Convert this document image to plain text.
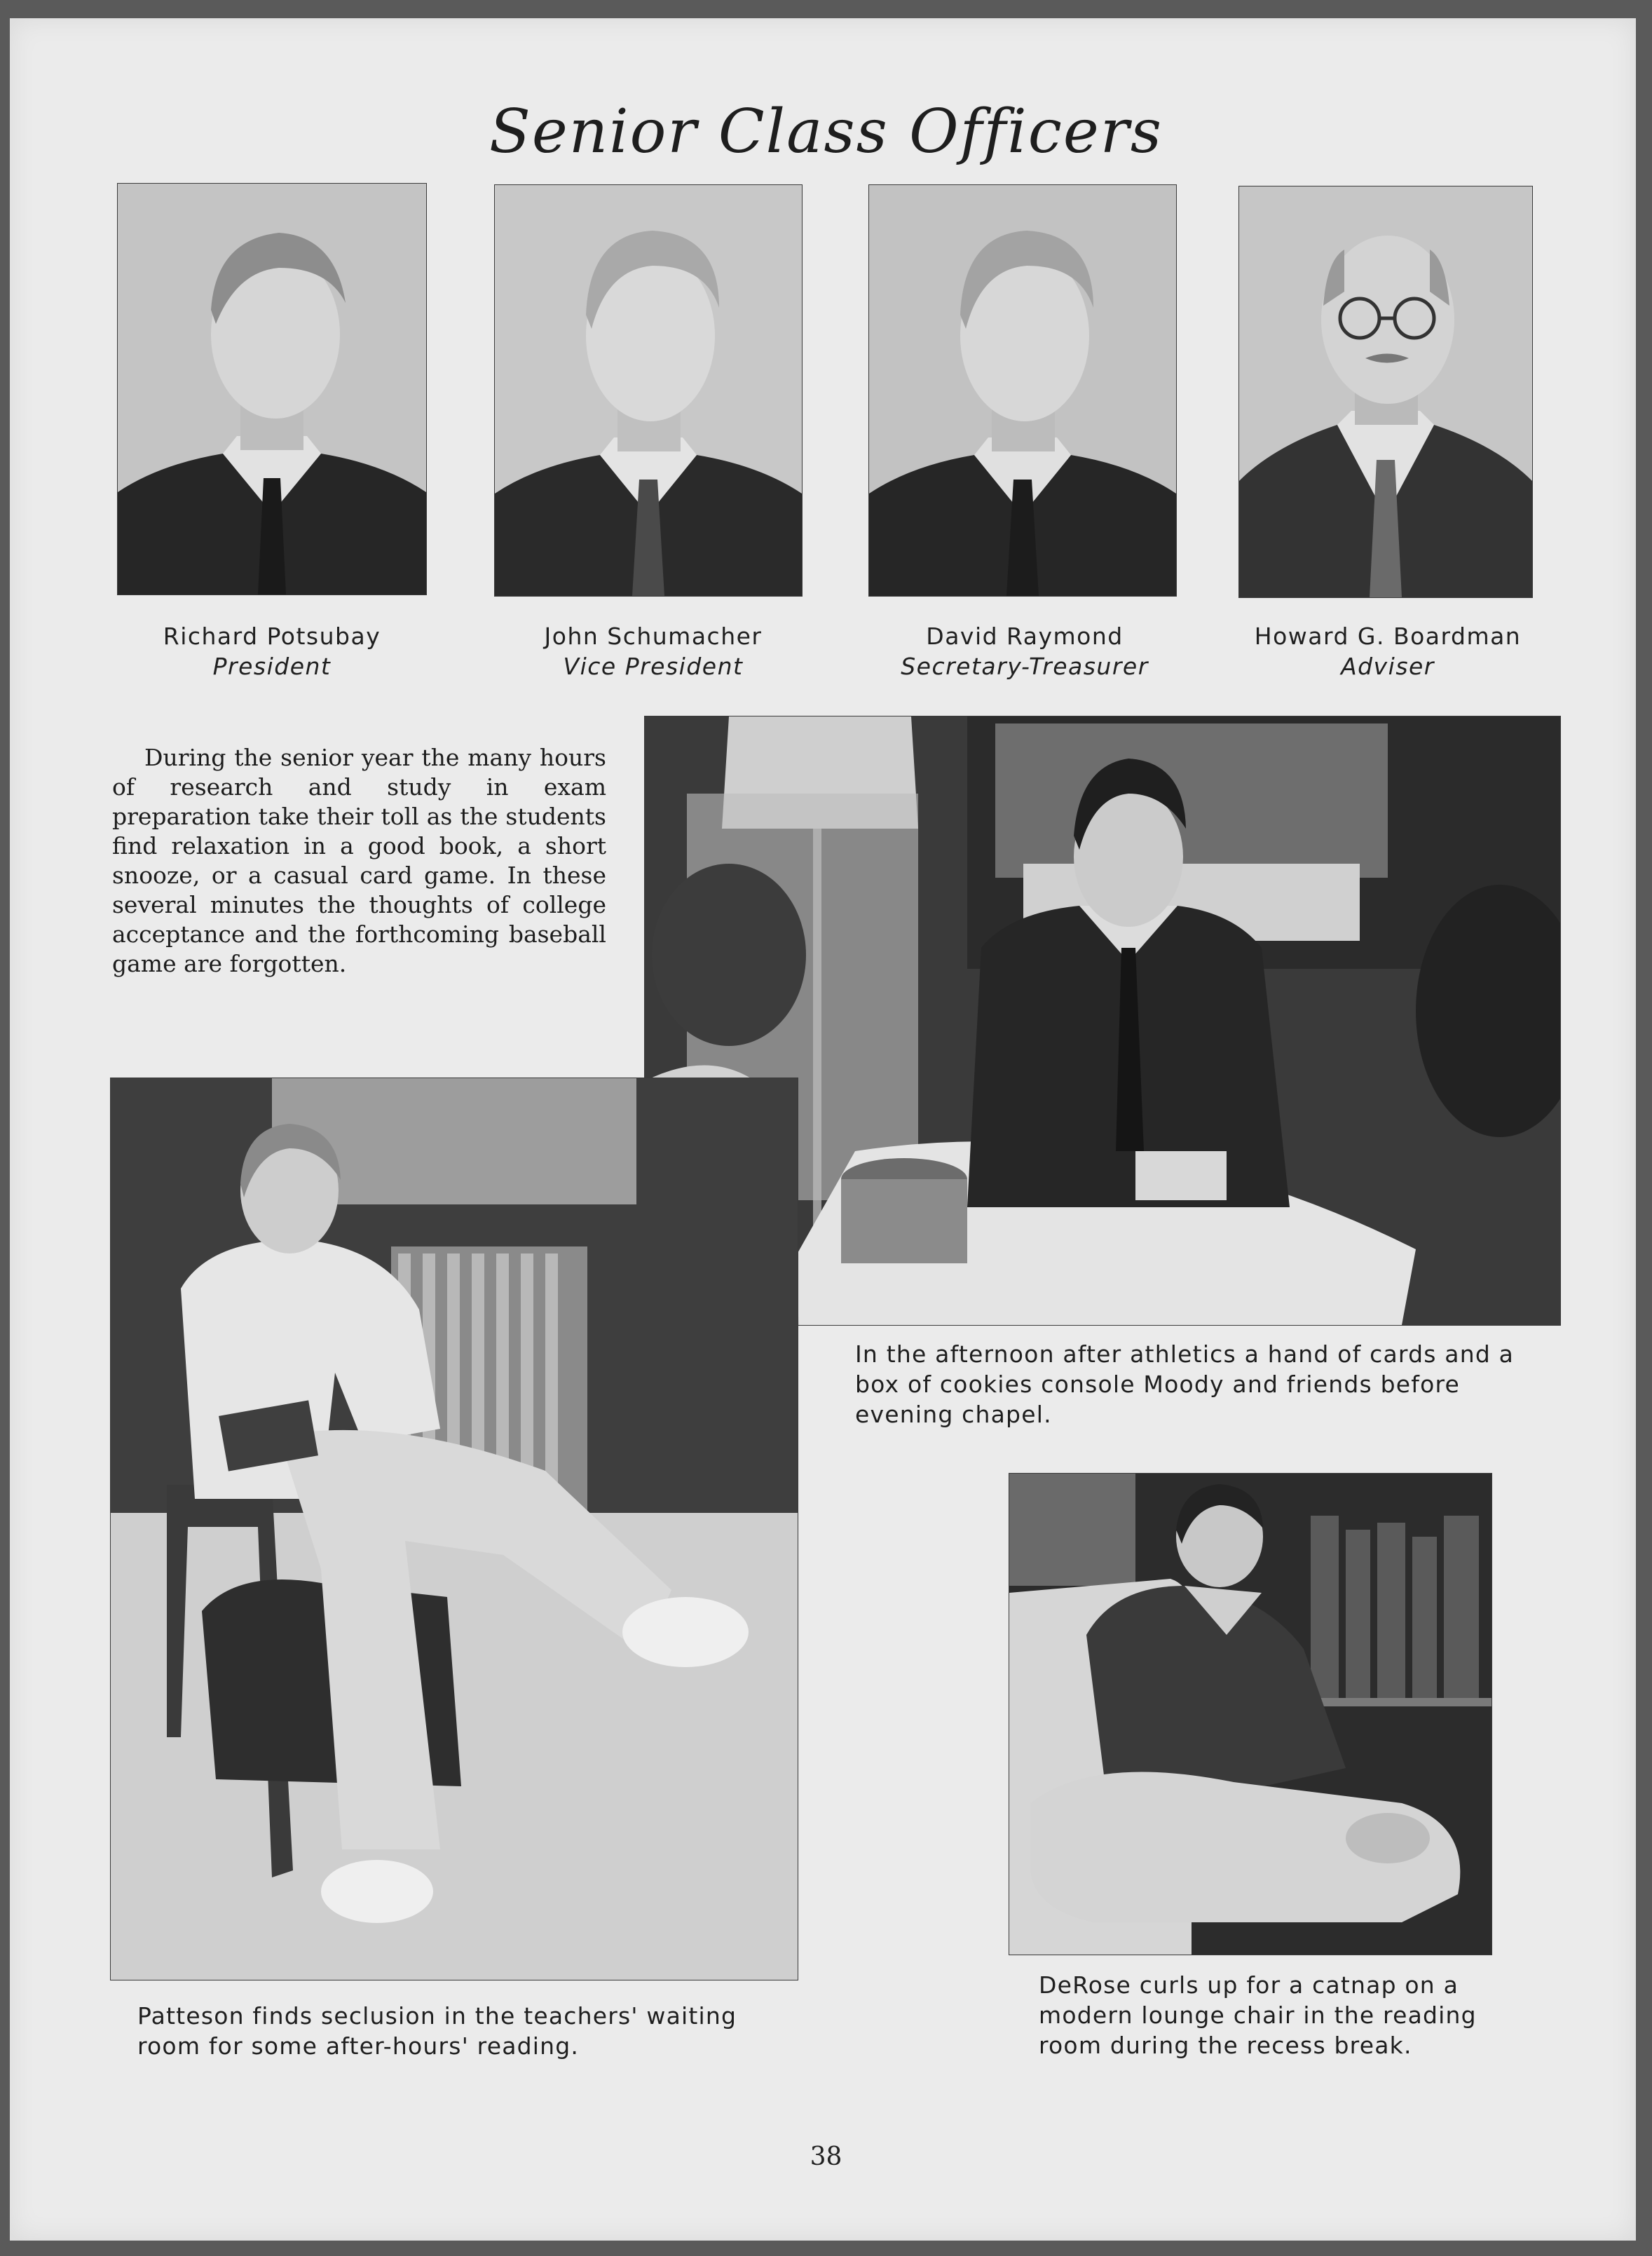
Senior Class Officers
Richard Potsubay
President
John Schumacher
Vice President
David Raymond
Secretary-Treasurer
Howard G. Boardman
Adviser
During the senior year the many hours of research and study in exam preparation take their toll as the students find relaxation in a good book, a short snooze, or a casual card game. In these several minutes the thoughts of college acceptance and the forthcoming baseball game are forgotten.
In the afternoon after athletics a hand of cards and a box of cookies console Moody and friends before evening chapel.
Patteson finds seclusion in the teachers' waiting room for some after-hours' reading.
DeRose curls up for a catnap on a modern lounge chair in the reading room during the recess break.
38
